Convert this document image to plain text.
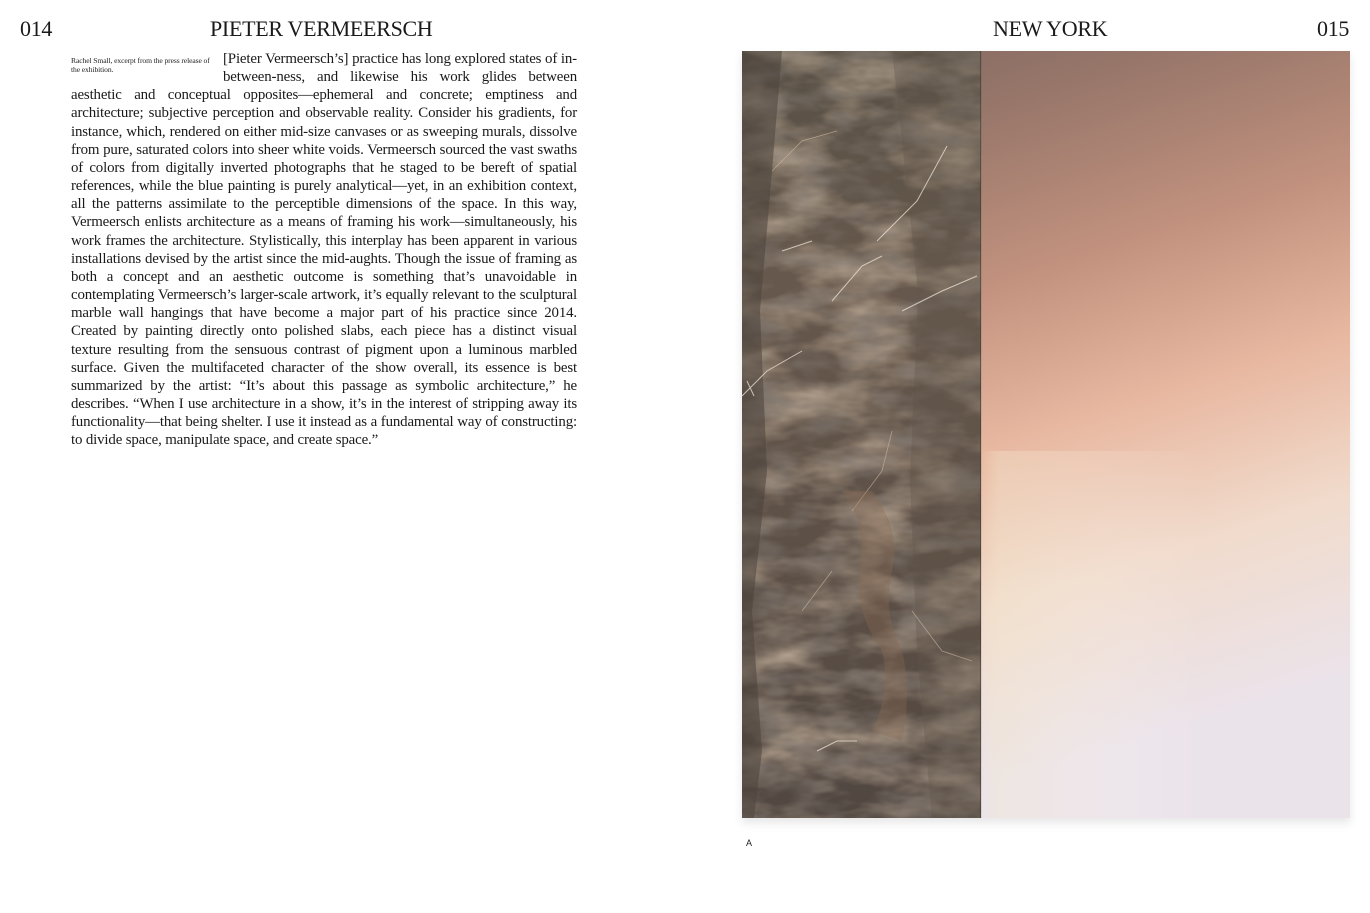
014	PIETER VERMEERSCH	NEW YORK	015
Rachel Small, excerpt from the press release of the exhibition.

[Pieter Vermeersch’s] practice has long explored states of in-between-ness, and likewise his work glides between aesthetic and conceptual opposites—ephemeral and concrete; emptiness and architecture; subjective perception and observable reality. Consider his gradients, for instance, which, rendered on either mid-size canvases or as sweeping murals, dissolve from pure, saturated colors into sheer white voids. Vermeersch sourced the vast swaths of colors from digitally inverted photographs that he staged to be bereft of spatial references, while the blue painting is purely analytical—yet, in an exhibition context, all the patterns assimilate to the perceptible dimensions of the space. In this way, Vermeersch enlists architecture as a means of framing his work—simultaneously, his work frames the architecture. Stylistically, this interplay has been apparent in various installations devised by the artist since the mid-aughts. Though the issue of framing as both a concept and an aesthetic outcome is something that’s unavoidable in contemplating Vermeersch’s larger-scale artwork, it’s equally relevant to the sculptural marble wall hangings that have become a major part of his practice since 2014. Created by painting directly onto polished slabs, each piece has a distinct visual texture resulting from the sensuous contrast of pigment upon a luminous marbled surface. Given the multifaceted character of the show overall, its essence is best summarized by the artist: “It’s about this passage as symbolic architecture,” he describes. “When I use architecture in a show, it’s in the interest of stripping away its functionality—that being shelter. I use it instead as a fundamental way of constructing: to divide space, manipulate space, and create space.”

A
